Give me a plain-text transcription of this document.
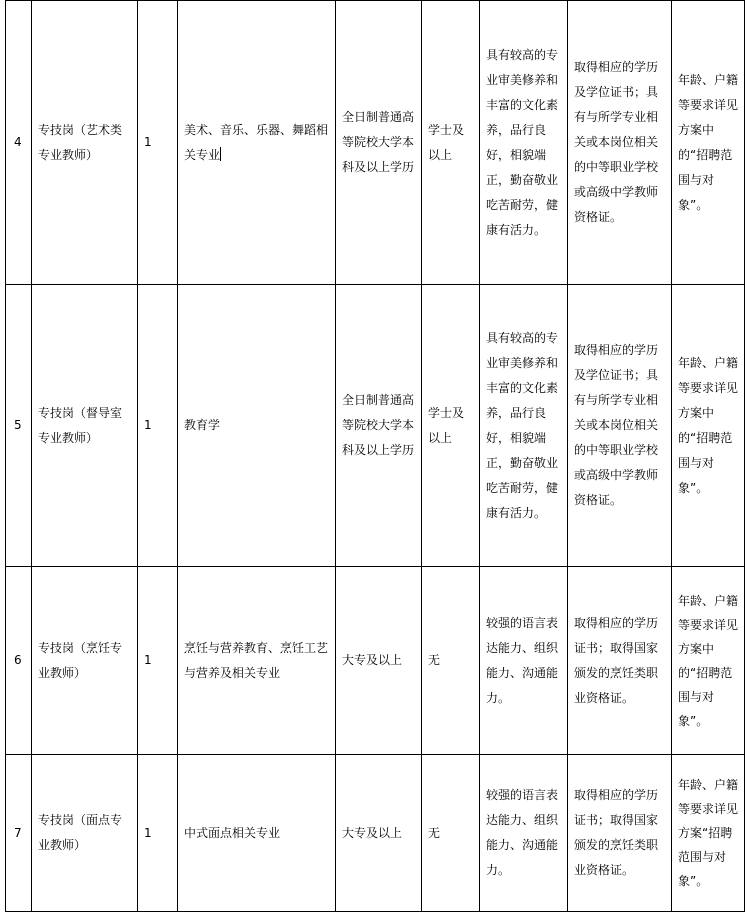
4	专技岗（艺术类专业教师）	1	美术、音乐、乐器、舞蹈相关专业	全日制普通高等院校大学本科及以上学历	学士及以上	具有较高的专业审美修养和丰富的文化素养，品行良好，相貌端正，勤奋敬业吃苦耐劳，健康有活力。	取得相应的学历及学位证书；具有与所学专业相关或本岗位相关的中等职业学校或高级中学教师资格证。	年龄、户籍等要求详见方案中的“招聘范围与对象”。

5	专技岗（督导室专业教师）	1	教育学	全日制普通高等院校大学本科及以上学历	学士及以上	具有较高的专业审美修养和丰富的文化素养，品行良好，相貌端正，勤奋敬业吃苦耐劳，健康有活力。	取得相应的学历及学位证书；具有与所学专业相关或本岗位相关的中等职业学校或高级中学教师资格证。	年龄、户籍等要求详见方案中的“招聘范围与对象”。

6	专技岗（烹饪专业教师）	1	烹饪与营养教育、烹饪工艺与营养及相关专业	大专及以上	无	较强的语言表达能力、组织能力、沟通能力。	取得相应的学历证书；取得国家颁发的烹饪类职业资格证。	年龄、户籍等要求详见方案中的“招聘范围与对象”。

7	专技岗（面点专业教师）	1	中式面点相关专业	大专及以上	无	较强的语言表达能力、组织能力、沟通能力。	取得相应的学历证书；取得国家颁发的烹饪类职业资格证。	年龄、户籍等要求详见方案“招聘范围与对象”。
